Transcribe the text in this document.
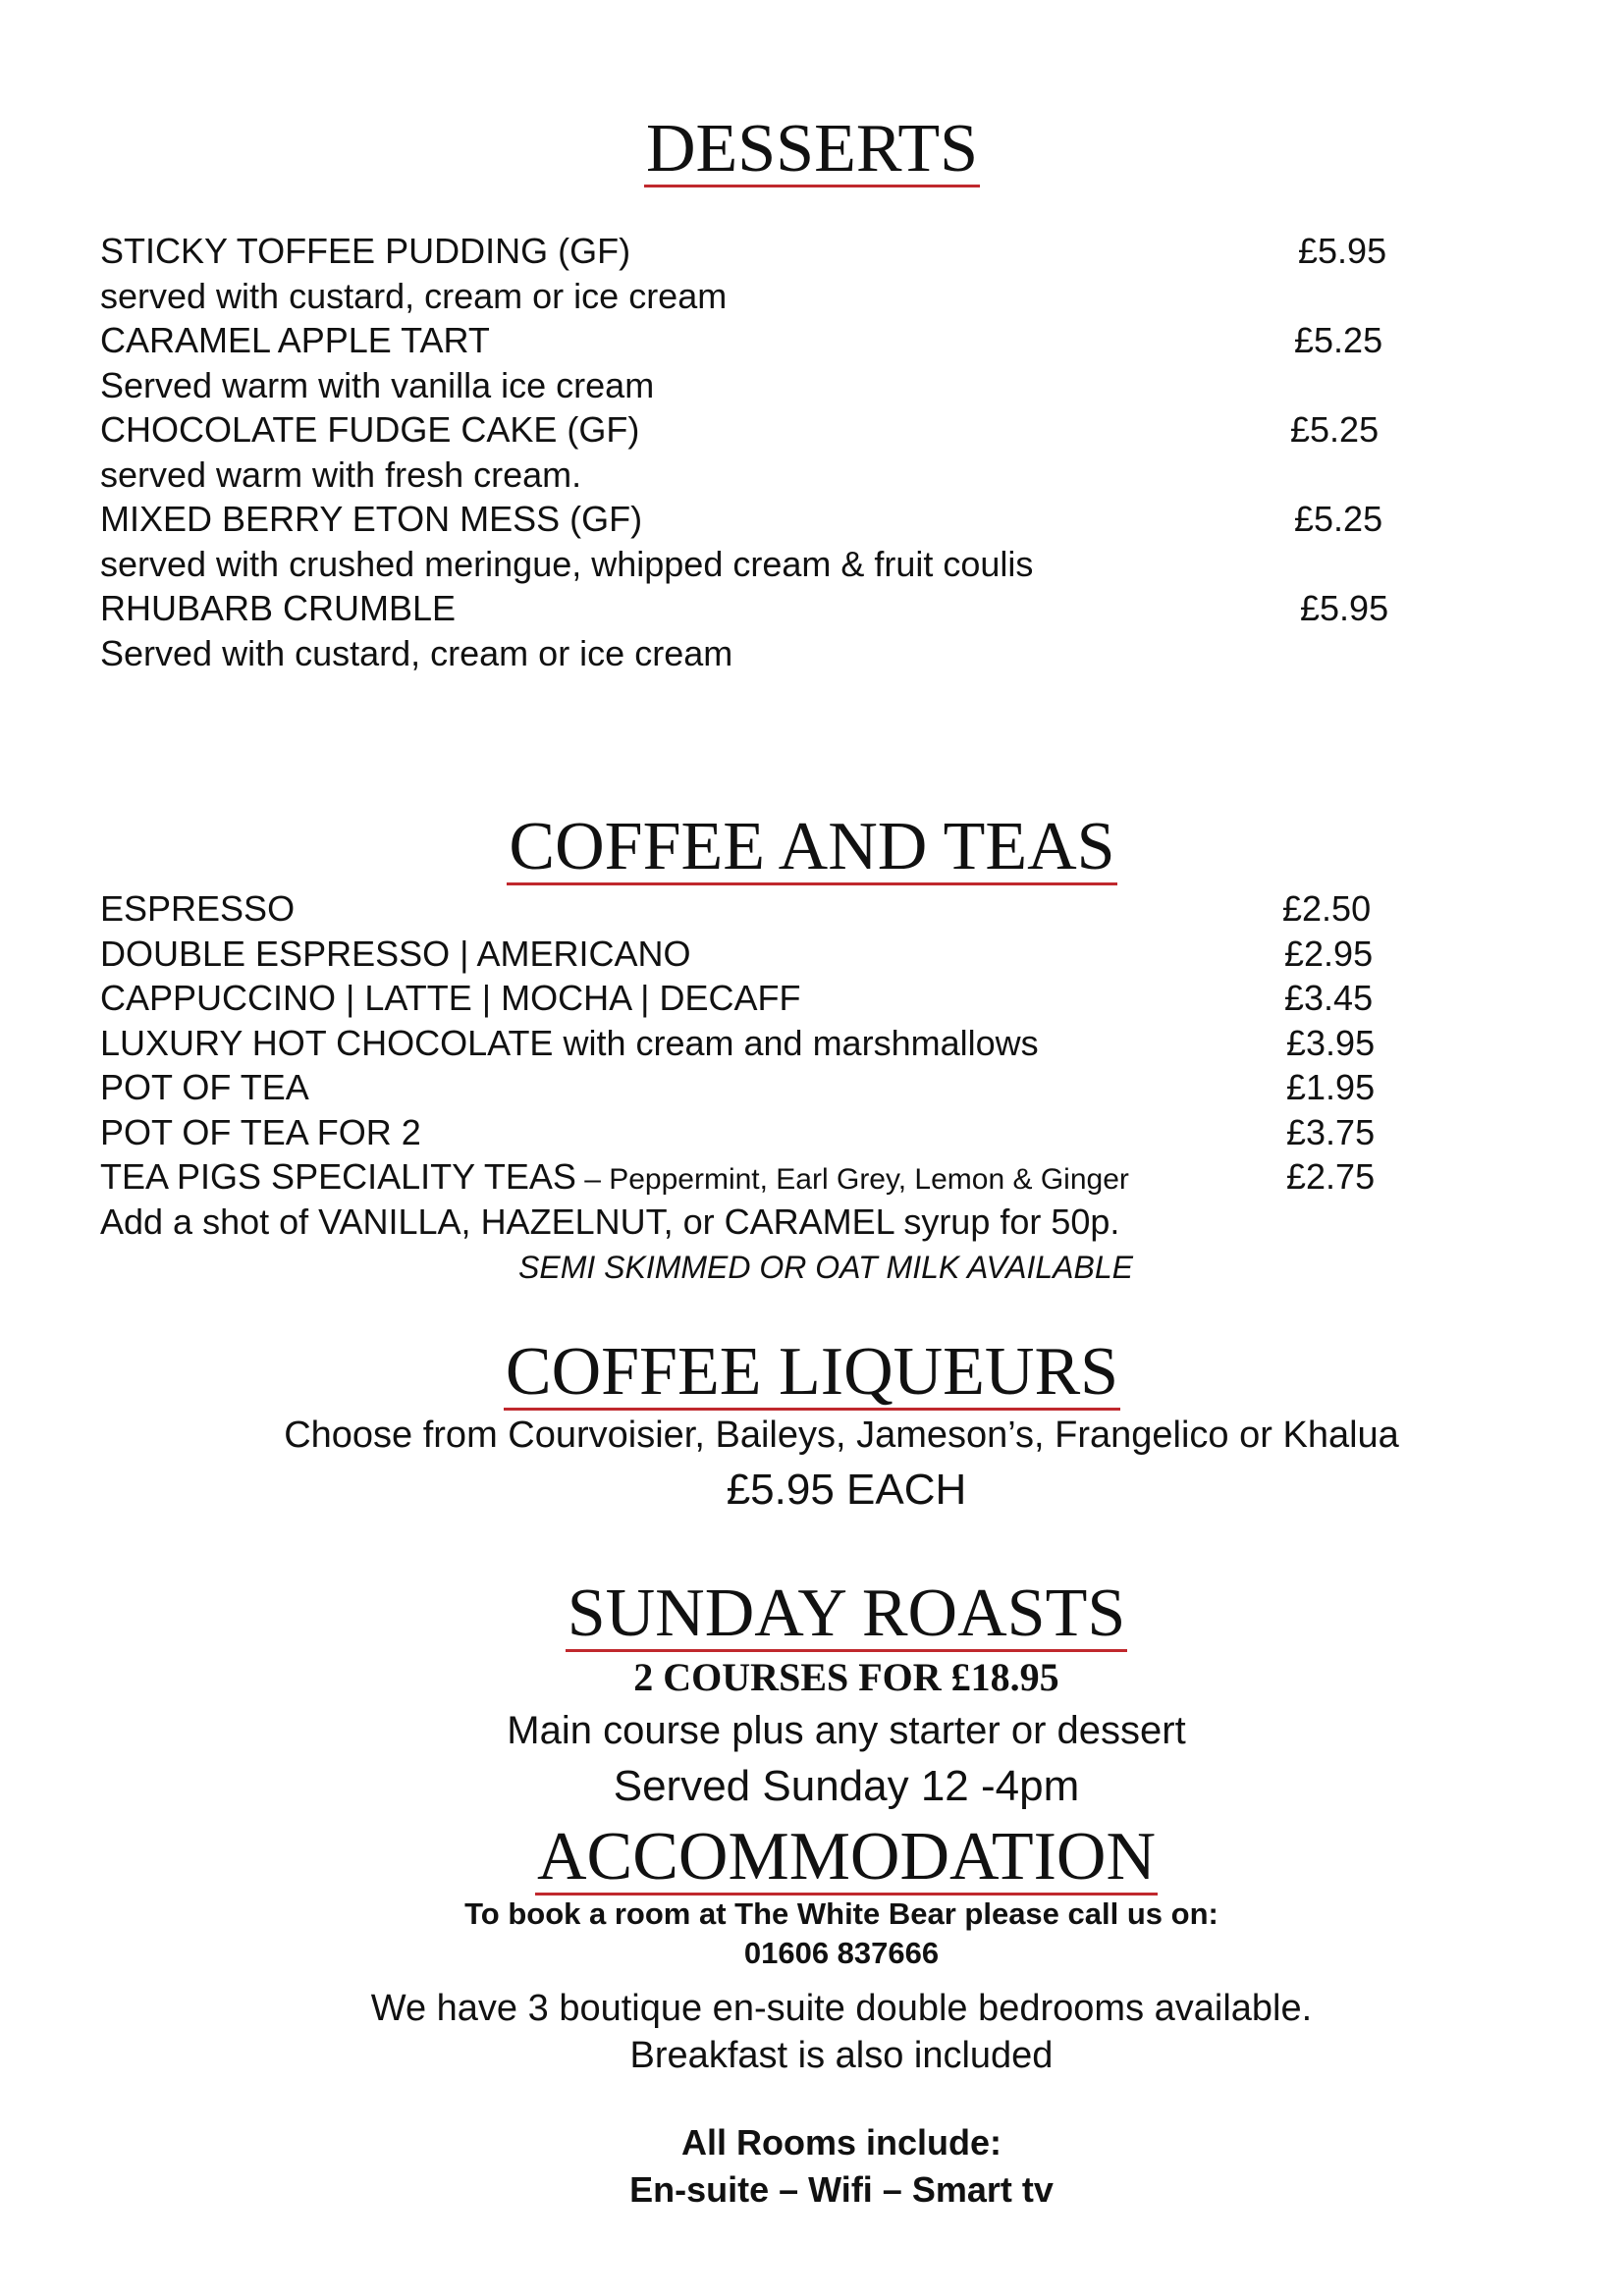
DESSERTS
STICKY TOFFEE PUDDING (GF)	£5.95
served with custard, cream or ice cream
CARAMEL APPLE TART	£5.25
Served warm with vanilla ice cream
CHOCOLATE FUDGE CAKE (GF)	£5.25
served warm with fresh cream.
MIXED BERRY ETON MESS (GF)	£5.25
served with crushed meringue, whipped cream & fruit coulis
RHUBARB CRUMBLE	£5.95
Served with custard, cream or ice cream
COFFEE AND TEAS
ESPRESSO	£2.50
DOUBLE ESPRESSO | AMERICANO	£2.95
CAPPUCCINO | LATTE | MOCHA | DECAFF	£3.45
LUXURY HOT CHOCOLATE with cream and marshmallows	£3.95
POT OF TEA	£1.95
POT OF TEA FOR 2	£3.75
TEA PIGS SPECIALITY TEAS – Peppermint, Earl Grey, Lemon & Ginger	£2.75
Add a shot of VANILLA, HAZELNUT, or CARAMEL syrup for 50p.
SEMI SKIMMED OR OAT MILK AVAILABLE
COFFEE LIQUEURS
Choose from Courvoisier, Baileys, Jameson’s, Frangelico or Khalua
£5.95 EACH
SUNDAY ROASTS
2 COURSES FOR £18.95
Main course plus any starter or dessert
Served Sunday 12 -4pm
ACCOMMODATION
To book a room at The White Bear please call us on:
01606 837666
We have 3 boutique en-suite double bedrooms available.
Breakfast is also included
All Rooms include:
En-suite – Wifi – Smart tv
